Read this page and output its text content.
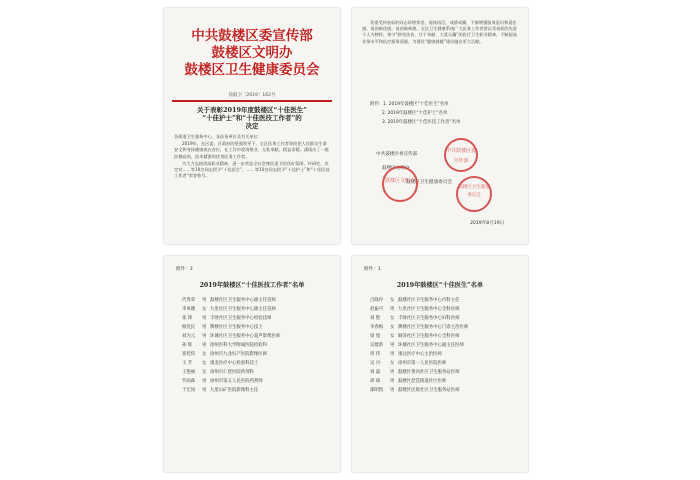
中共鼓楼区委宣传部
鼓楼区文明办
鼓楼区卫生健康委员会
徐鼓卫〔2019〕162号
关于表彰2019年度鼓楼区“十佳医生”
“十佳护士”和“十佳医技工作者”的
决定

各街道卫生服务中心、各医务单位及有关单位：

2019年，在区委、区政府的坚强领导下，全区医务工作者始终把人民群众生命安全和身体健康放在首位，在工作中爱岗敬业、无私奉献，精益求精，涌现出了一批医德高尚、医术精湛的优秀医务工作者。

为大力弘扬崇高职业精神，进一步营造全社会尊医重卫的良好氛围，经研究，决定对……等10名同志授予“十佳医生”，……等10名同志授予“十佳护士”和“十佳医技工作者”荣誉称号。

希望受到表彰的同志珍惜荣誉，再接再厉，戒骄戒躁，不断增强服务意识和责任感，再创新佳绩，再创新辉煌。全区卫生健康系统广大医务工作者要以受表彰的先进个人为榜样，恪守“救死扶伤、甘于奉献、大爱无疆”的医疗卫生职业精神，不断提高业务水平和医疗服务质量，为建设“健康鼓楼”建设做出更大贡献。

附件：1. 2019年鼓楼区“十佳医生”名单
2. 2019年鼓楼区“十佳护士”名单
3. 2019年鼓楼区“十佳医技工作者”名单
中共鼓楼区委宣传部
鼓楼区文明办
鼓楼区卫生健康委员会
中共鼓楼区委宣传部
鼓楼区文明办
鼓楼区卫生健康委员会
2019年8月19日
附件：3
2019年鼓楼区“十佳医技工作者”名单
代秀荣 男 鼓楼社区卫生服务中心副主任技师
李凤娥 女 九里社区卫生服务中心副主任技师
张 锋 男 丰财社区卫生服务中心检验技师
杨党民 男 牌楼社区卫生服务中心技士
刘为云 男 环城社区卫生服务中心超声影像医师
孙 辉 男 徐州医科大学附属医院检验科
崔桂侠 女 徐州市九龙妇产医院影像医师
王 芳 女 康龙医疗中心检验科技士
王艳丽 女 徐州市仁慈医院药剂科
罗雨森 男 徐州市第五人民医院药剂师
于宏岗 男 九里山矿医院影像科主任
附件：1
2019年鼓楼区“十佳医生”名单
吕晓玲 女 鼓楼社区卫生服务中心内科主任
赵振可 男 九里社区卫生服务中心全科医师
刘 艳 女 丰财社区卫生服务中心妇科医师
李春梅 女 牌楼社区卫生服务中心门诊主治医师
梁 旭 女 铜沛社区卫生服务中心全科医师
吴建新 男 环城社区卫生服务中心副主任医师
周 伟 男 康达医疗中心主治医师
吴 丹 女 徐州市第一人民医院医师
刘 磊 男 鼓楼区黄河社区卫生服务站医师
胡 斌 男 鼓楼区琵琶街道社区医师
邵明凯 男 鼓楼区民航社区卫生服务站医师
